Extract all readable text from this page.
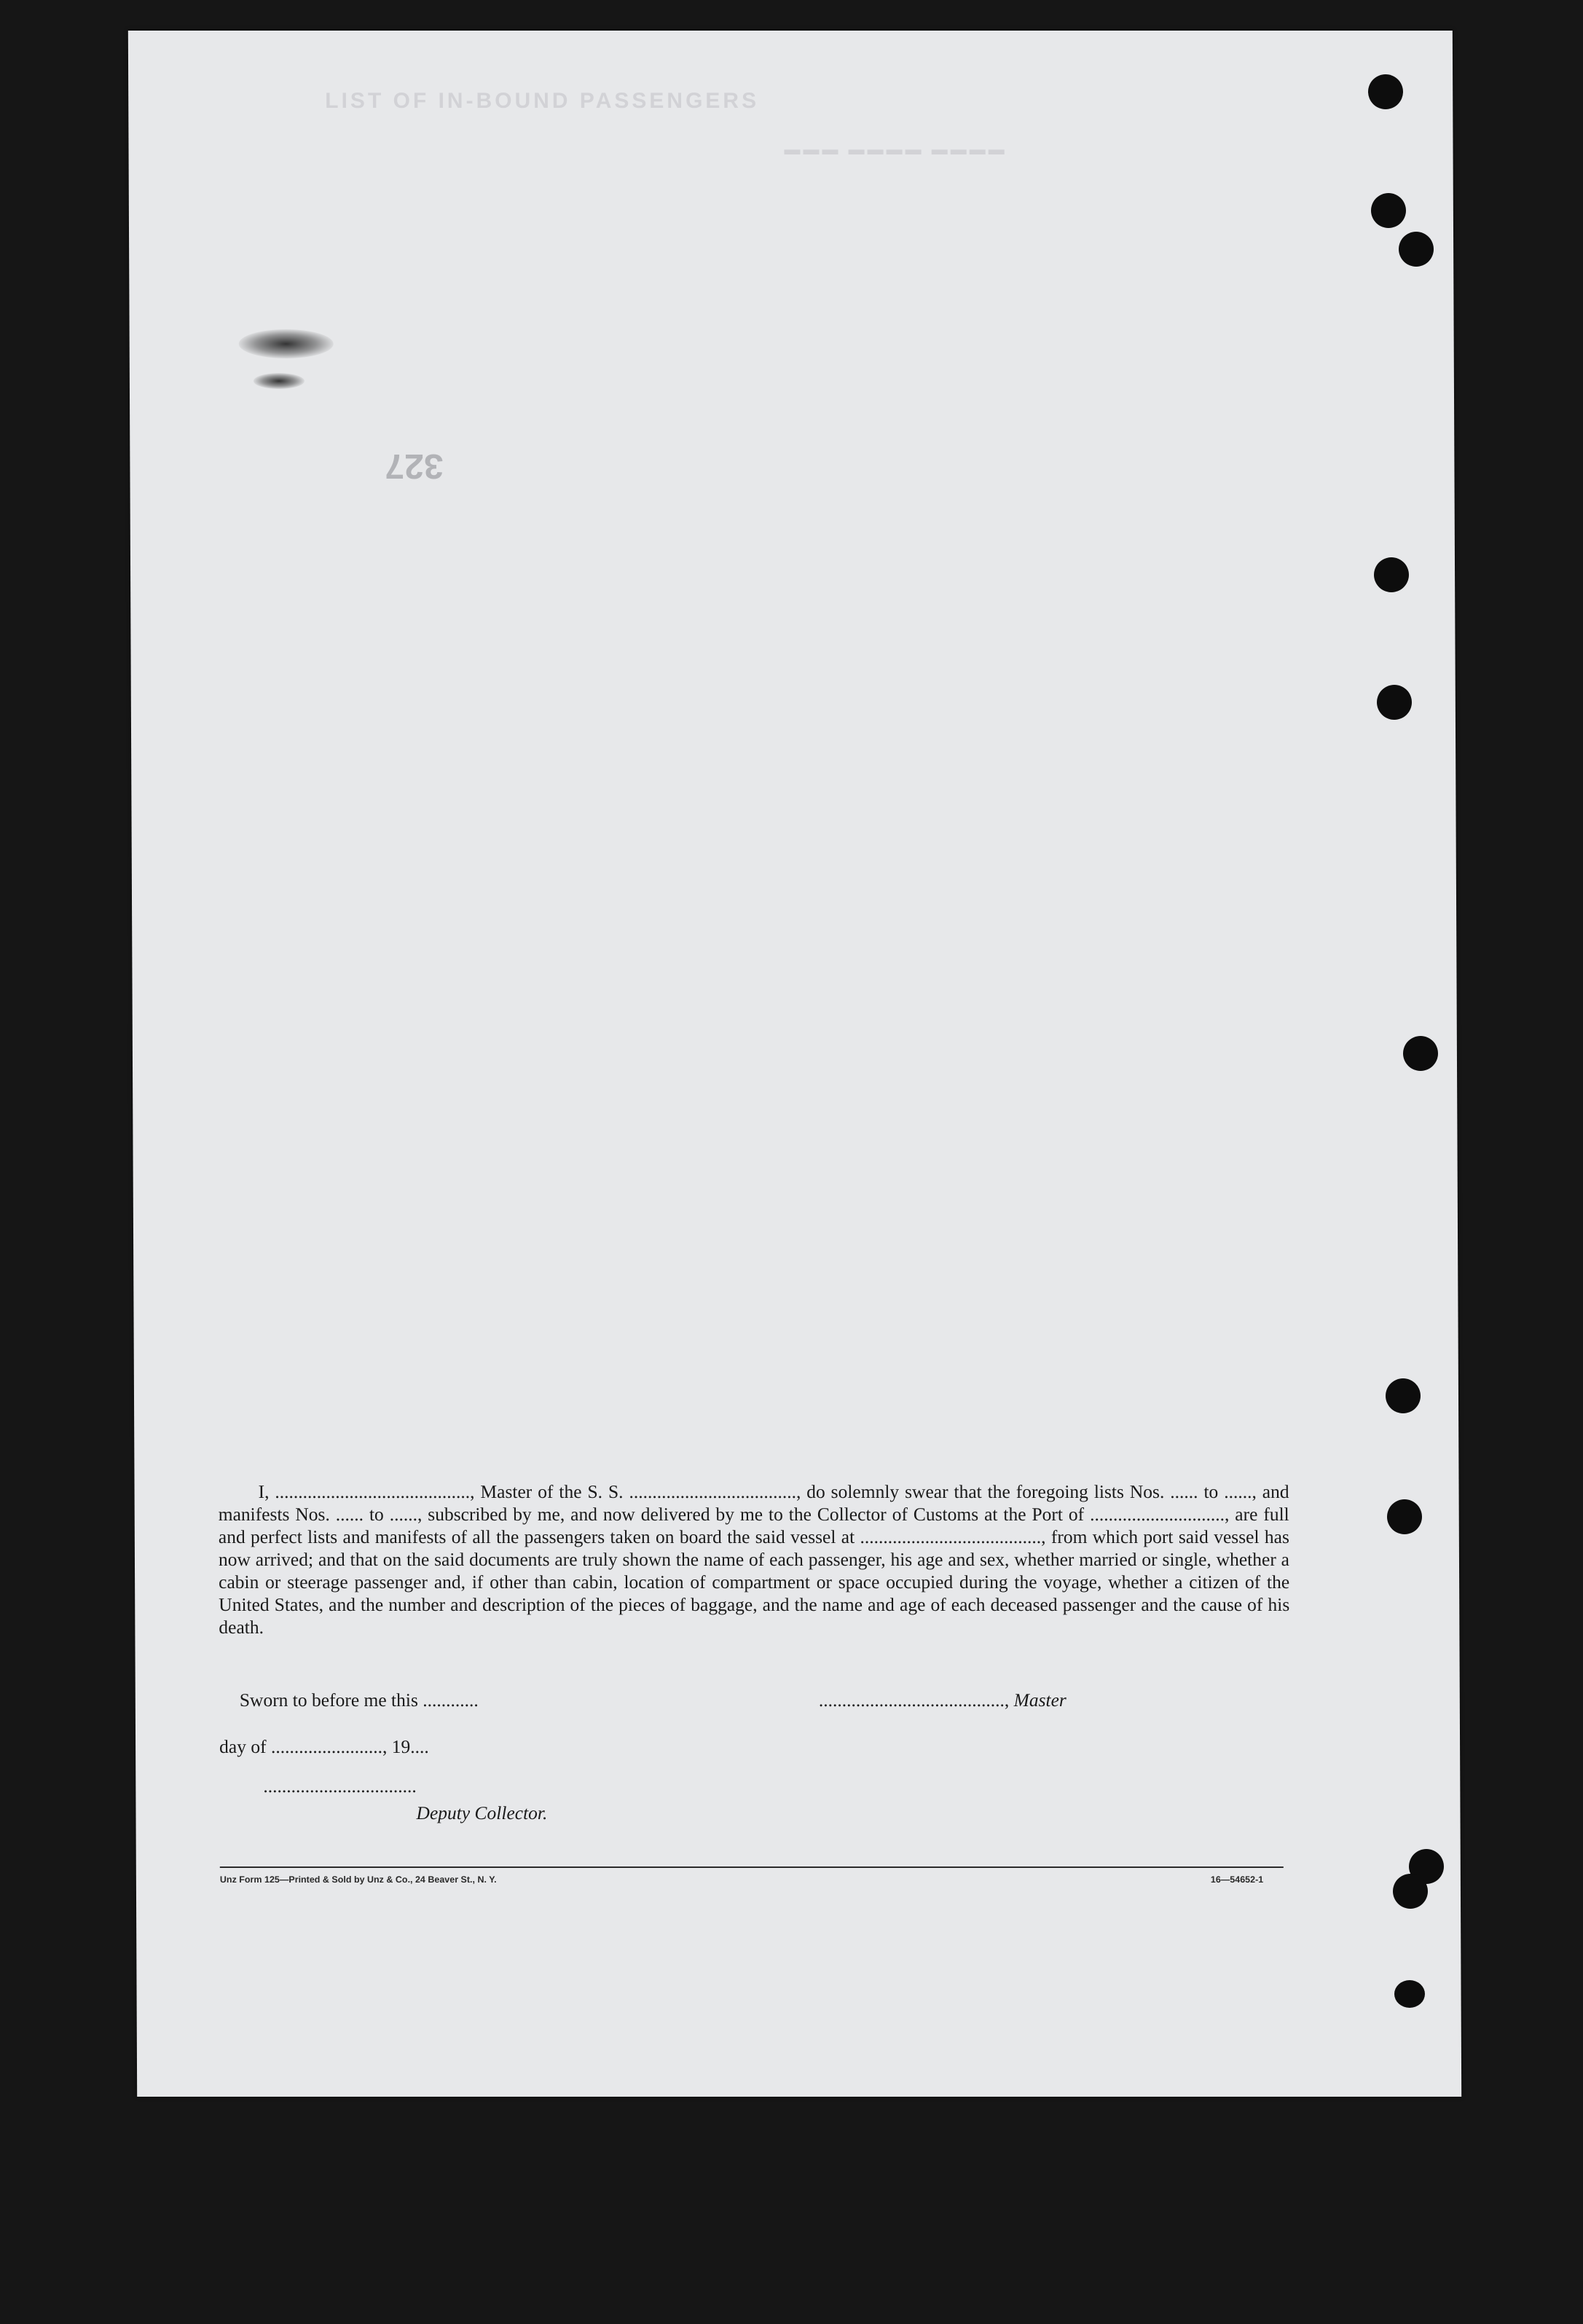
LIST OF IN-BOUND PASSENGERS
▬▬▬ ▬▬▬▬ ▬▬▬▬
327

I, .........................................., Master of the S. S. ...................................., do solemnly swear that the foregoing lists Nos. ...... to ......, and manifests Nos. ...... to ......, subscribed by me, and now delivered by me to the Collector of Customs at the Port of ............................., are full and perfect lists and manifests of all the passengers taken on board the said vessel at ......................................., from which port said vessel has now arrived; and that on the said documents are truly shown the name of each passenger, his age and sex, whether married or single, whether a cabin or steerage passenger and, if other than cabin, location of compartment or space occupied during the voyage, whether a citizen of the United States, and the number and description of the pieces of baggage, and the name and age of each deceased passenger and the cause of his death.

Sworn to before me this ............
day of ........................, 19....
.................................
Deputy Collector.
........................................, Master
Unz Form 125—Printed & Sold by Unz & Co., 24 Beaver St., N. Y.	16—54652-1
